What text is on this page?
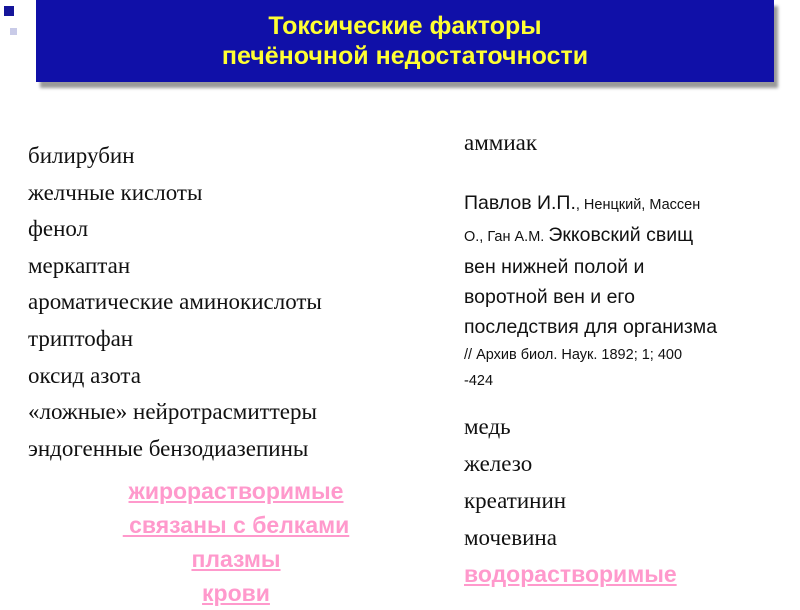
Токсические факторы
печёночной недостаточности
билирубин
желчные кислоты
фенол
меркаптан
ароматические аминокислоты
триптофан
оксид азота
«ложные» нейротрасмиттеры
эндогенные бензодиазепины
жирорастворимые
связаны с белками
плазмы
крови
аммиак
Павлов И.П., Ненцкий, Массен
О., Ган А.М. Экковский свищ
вен нижней полой и
воротной вен и его
последствия для организма
// Архив биол. Наук. 1892; 1; 400
-424
медь
железо
креатинин
мочевина
водорастворимые
